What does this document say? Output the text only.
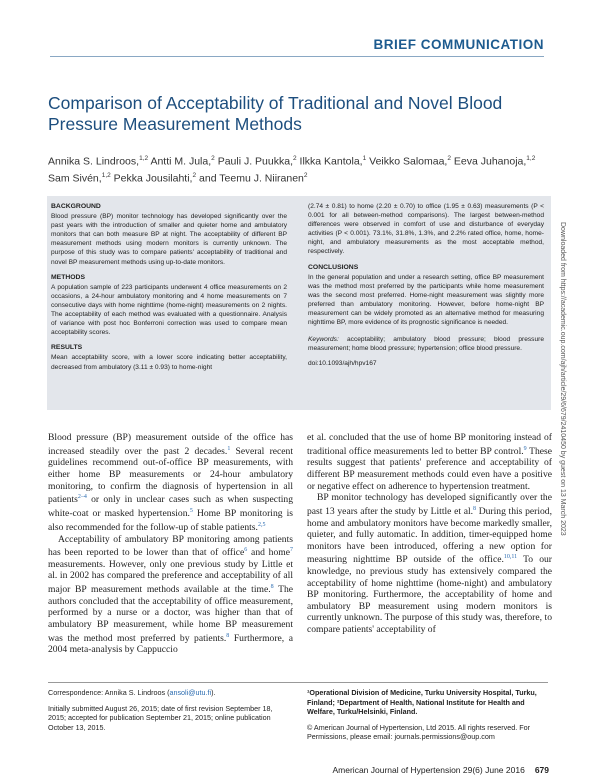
BRIEF COMMUNICATION
Comparison of Acceptability of Traditional and Novel Blood Pressure Measurement Methods
Annika S. Lindroos,$^{1,2}$ Antti M. Jula,$^2$ Pauli J. Puukka,$^2$ Ilkka Kantola,$^1$ Veikko Salomaa,$^2$ Eeva Juhanoja,$^{1,2}$ Sam Sivén,$^{1,2}$ Pekka Jousilahti,$^2$ and Teemu J. Niiranen$^2$
BACKGROUND

Blood pressure (BP) monitor technology has developed significantly over the past years with the introduction of smaller and quieter home and ambulatory monitors that can both measure BP at night. The acceptability of different BP measurement methods using modern monitors is currently unknown. The purpose of this study was to compare patients' acceptability of traditional and novel BP measurement methods using up-to-date monitors.

METHODS

A population sample of 223 participants underwent 4 office measurements on 2 occasions, a 24-hour ambulatory monitoring and 4 home measurements on 7 consecutive days with home nighttime (home-night) measurements on 2 nights. The acceptability of each method was evaluated with a questionnaire. Analysis of variance with post hoc Bonferroni correction was used to compare mean acceptability scores.

RESULTS

Mean acceptability score, with a lower score indicating better acceptability, decreased from ambulatory (3.11 ± 0.93) to home-night

(2.74 ± 0.81) to home (2.20 ± 0.70) to office (1.95 ± 0.63) measurements (P < 0.001 for all between-method comparisons). The largest between-method differences were observed in comfort of use and disturbance of everyday activities (P < 0.001). 73.1%, 31.8%, 1.3%, and 2.2% rated office, home, home-night, and ambulatory measurements as the most acceptable method, respectively.

CONCLUSIONS

In the general population and under a research setting, office BP measurement was the method most preferred by the participants while home measurement was the second most preferred. Home-night measurement was slightly more preferred than ambulatory monitoring. However, before home-night BP measurement can be widely promoted as an alternative method for measuring nighttime BP, more evidence of its prognostic significance is needed.

Keywords: acceptability; ambulatory blood pressure; blood pressure measurement; home blood pressure; hypertension; office blood pressure.

doi:10.1093/ajh/hpv167	Downloaded from https://academic.oup.com/ajh/article/29/6/679/2410450 by guest on 13 March 2023

Blood pressure (BP) measurement outside of the office has increased steadily over the past 2 decades.$^1$ Several recent guidelines recommend out-of-office BP measurements, with either home BP measurements or 24-hour ambulatory monitoring, to confirm the diagnosis of hypertension in all patients$^{2-4}$ or only in unclear cases such as when suspecting white-coat or masked hypertension.$^5$ Home BP monitoring is also recommended for the follow-up of stable patients.$^{2,5}$

Acceptability of ambulatory BP monitoring among patients has been reported to be lower than that of office$^6$ and home$^7$ measurements. However, only one previous study by Little et al. in 2002 has compared the preference and acceptability of all major BP measurement methods available at the time.$^8$ The authors concluded that the acceptability of office measurement, performed by a nurse or a doctor, was higher than that of ambulatory BP measurement, while home BP measurement was the method most preferred by patients.$^8$ Furthermore, a 2004 meta-analysis by Cappuccio

et al. concluded that the use of home BP monitoring instead of traditional office measurements led to better BP control.$^9$ These results suggest that patients' preference and acceptability of different BP measurement methods could even have a positive or negative effect on adherence to hypertension treatment.

BP monitor technology has developed significantly over the past 13 years after the study by Little et al.$^8$ During this period, home and ambulatory monitors have become markedly smaller, quieter, and fully automatic. In addition, timer-equipped home monitors have been introduced, offering a new option for measuring nighttime BP outside of the office.$^{10,11}$ To our knowledge, no previous study has extensively compared the acceptability of home nighttime (home-night) and ambulatory BP monitoring. Furthermore, the acceptability of home and ambulatory BP measurement using modern monitors is currently unknown. The purpose of this study was, therefore, to compare patients' acceptability of

Correspondence: Annika S. Lindroos (ansoli@utu.fi).

Initially submitted August 26, 2015; date of first revision September 18, 2015; accepted for publication September 21, 2015; online publication October 13, 2015.

¹Operational Division of Medicine, Turku University Hospital, Turku, Finland; ²Department of Health, National Institute for Health and Welfare, Turku/Helsinki, Finland.

© American Journal of Hypertension, Ltd 2015. All rights reserved. For Permissions, please email: journals.permissions@oup.com

American Journal of Hypertension 29(6) June 2016 679
